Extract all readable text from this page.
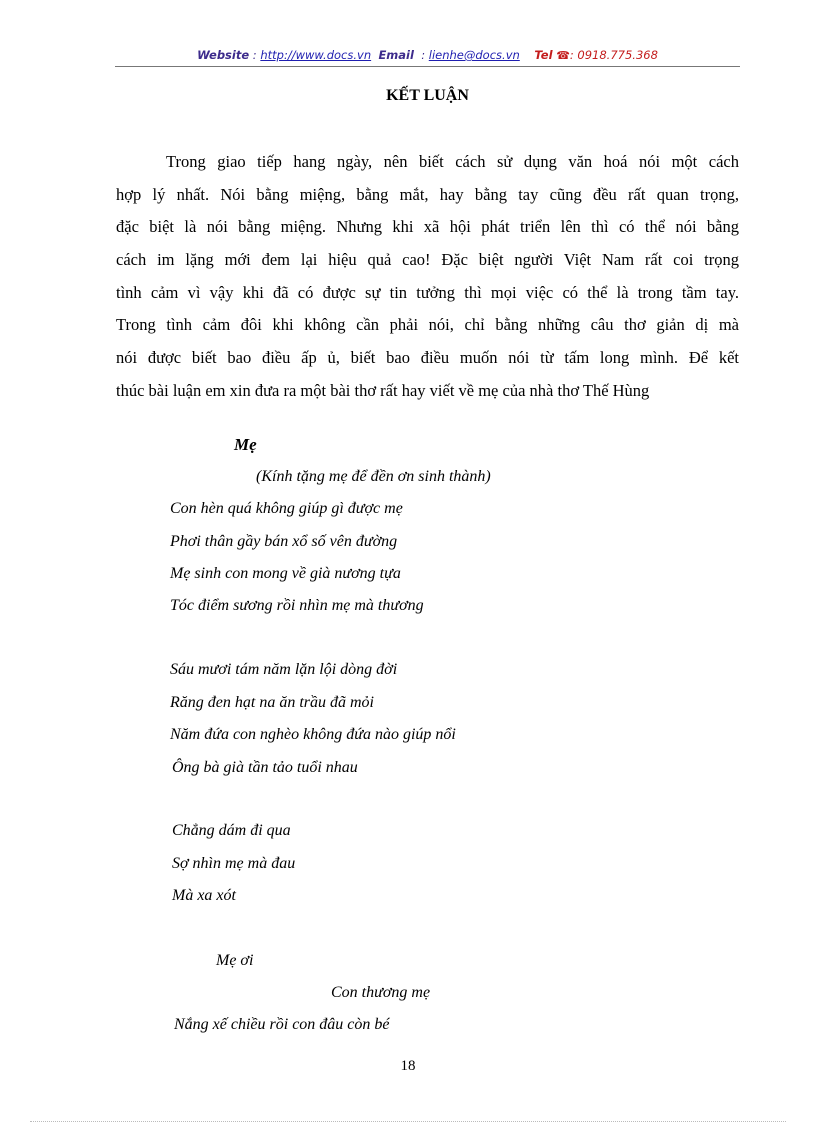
Website : http://www.docs.vn Email  : lienhe@docs.vn Tel ☎: 0918.775.368
KẾT LUẬN
Trong giao tiếp hang ngày, nên biết cách sử dụng văn hoá nói một cách
hợp lý nhất. Nói bằng miệng, bằng mắt, hay bằng tay cũng đều rất quan trọng,
đặc biệt là nói bằng miệng. Nhưng khi xã hội phát triển lên thì có thể nói bằng
cách im lặng mới đem lại hiệu quả cao! Đặc biệt người Việt Nam rất coi trọng
tình cảm vì vậy khi đã có được sự tin tưởng thì mọi việc có thể là trong tầm tay.
Trong tình cảm đôi khi không cần phải nói, chỉ bằng những câu thơ giản dị mà
nói được biết bao điều ấp ủ, biết bao điều muốn nói từ tấm long mình. Để kết
thúc bài luận em xin đưa ra một bài thơ rất hay viết về mẹ của nhà thơ Thế Hùng
Mẹ
(Kính tặng mẹ để đền ơn sinh thành)
Con hèn quá không giúp gì được mẹ
Phơi thân gầy bán xổ số vên đường
Mẹ sinh con mong về già nương tựa
Tóc điểm sương rồi nhìn mẹ mà thương
Sáu mươi tám năm lặn lội dòng đời
Răng đen hạt na ăn trầu đã mỏi
Năm đứa con nghèo không đứa nào giúp nổi
Ông bà già tần tảo tuổi nhau
Chẳng dám đi qua
Sợ nhìn mẹ mà đau
Mà xa xót
Mẹ ơi
Con thương mẹ
Nắng xế chiều rồi con đâu còn bé
18
